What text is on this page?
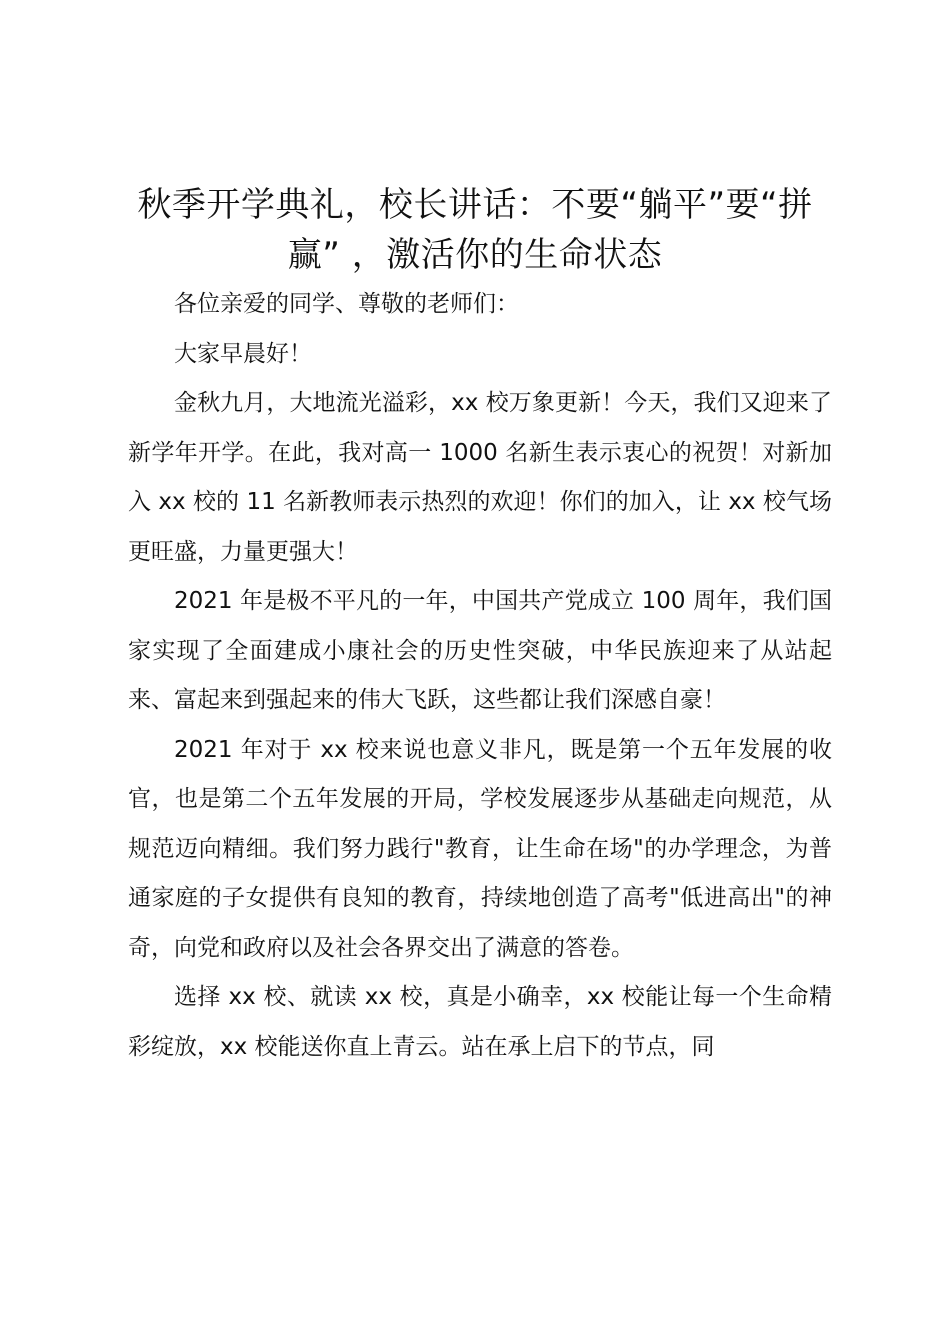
秋季开学典礼，校长讲话：不要“躺平”要“拼赢” ，激活你的生命状态

各位亲爱的同学、尊敬的老师们：

大家早晨好！

金秋九月，大地流光溢彩，xx 校万象更新！今天，我们又迎来了新学年开学。在此，我对高一 1000 名新生表示衷心的祝贺！对新加入 xx 校的 11 名新教师表示热烈的欢迎！你们的加入，让 xx 校气场更旺盛，力量更强大！

2021 年是极不平凡的一年，中国共产党成立 100 周年，我们国家实现了全面建成小康社会的历史性突破，中华民族迎来了从站起来、富起来到强起来的伟大飞跃，这些都让我们深感自豪！

2021 年对于 xx 校来说也意义非凡，既是第一个五年发展的收官，也是第二个五年发展的开局，学校发展逐步从基础走向规范，从规范迈向精细。我们努力践行"教育，让生命在场"的办学理念，为普通家庭的子女提供有良知的教育，持续地创造了高考"低进高出"的神奇，向党和政府以及社会各界交出了满意的答卷。

选择 xx 校、就读 xx 校，真是小确幸，xx 校能让每一个生命精彩绽放，xx 校能送你直上青云。站在承上启下的节点，同
